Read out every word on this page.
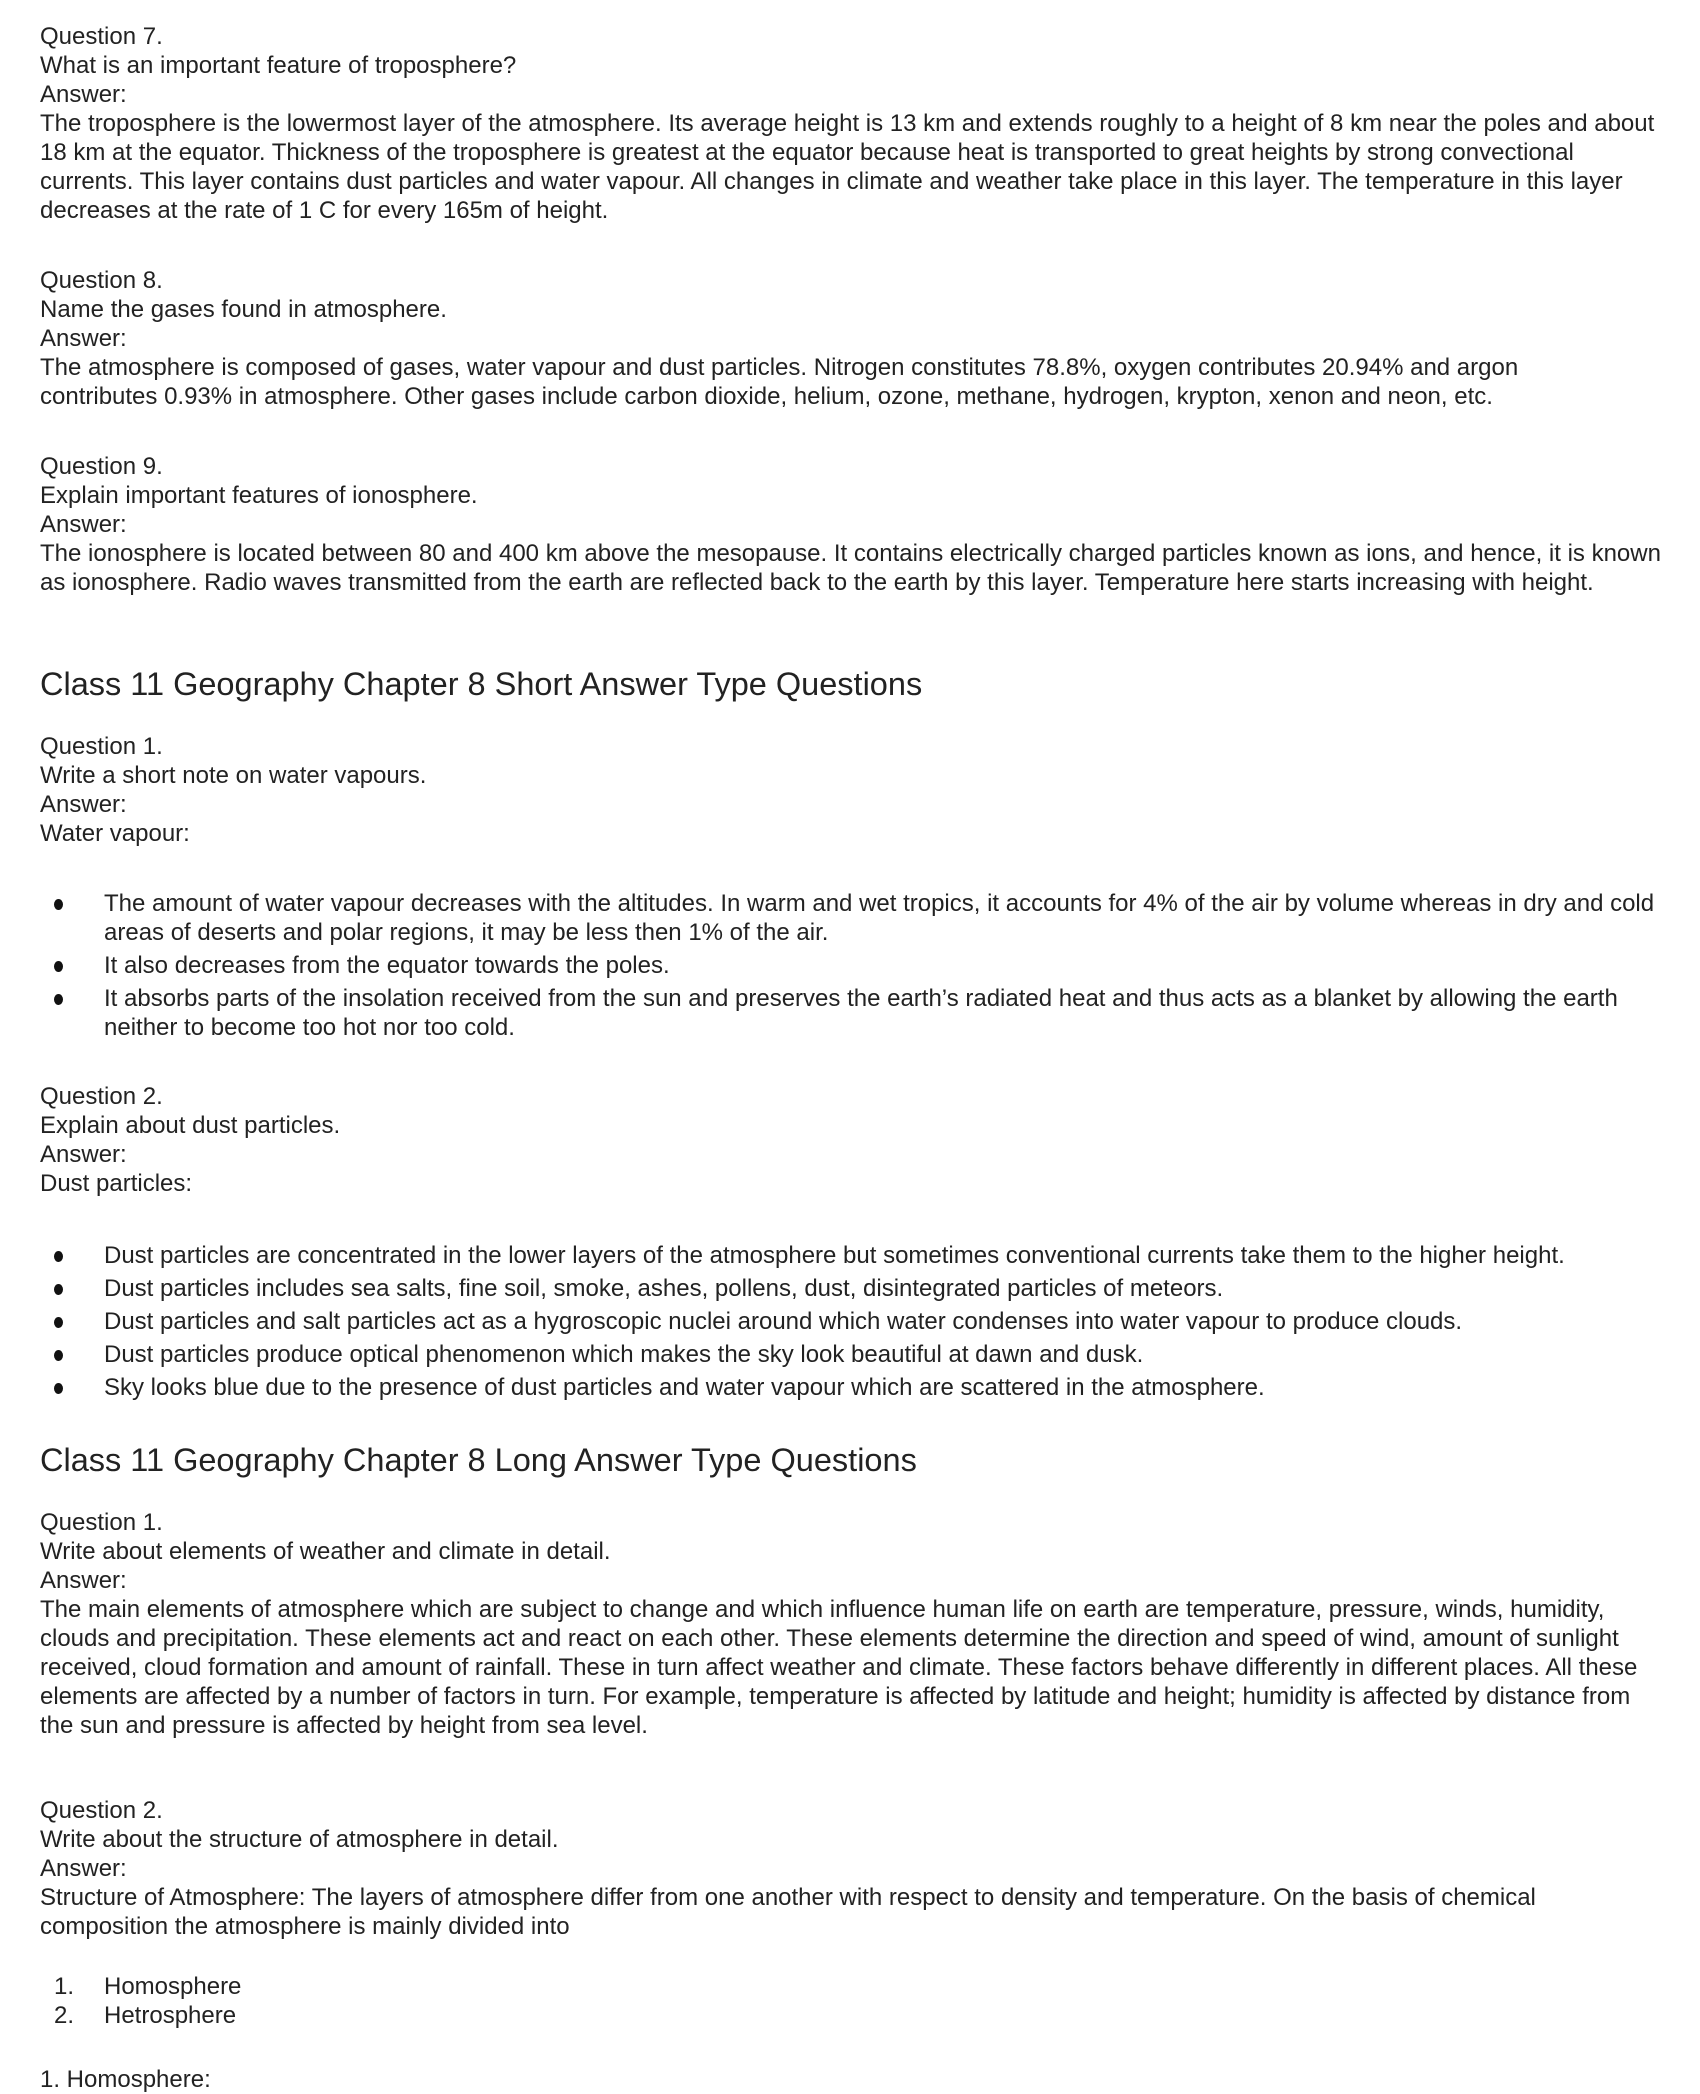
Question 7.
What is an important feature of troposphere?
Answer:
The troposphere is the lowermost layer of the atmosphere. Its average height is 13 km and extends roughly to a height of 8 km near the poles and about 18 km at the equator. Thickness of the troposphere is greatest at the equator because heat is transported to great heights by strong convectional currents. This layer contains dust particles and water vapour. All changes in climate and weather take place in this layer. The temperature in this layer decreases at the rate of 1 C for every 165m of height.
Question 8.
Name the gases found in atmosphere.
Answer:
The atmosphere is composed of gases, water vapour and dust particles. Nitrogen constitutes 78.8%, oxygen contributes 20.94% and argon contributes 0.93% in atmosphere. Other gases include carbon dioxide, helium, ozone, methane, hydrogen, krypton, xenon and neon, etc.
Question 9.
Explain important features of ionosphere.
Answer:
The ionosphere is located between 80 and 400 km above the mesopause. It contains electrically charged particles known as ions, and hence, it is known as ionosphere. Radio waves transmitted from the earth are reflected back to the earth by this layer. Temperature here starts increasing with height.
Class 11 Geography Chapter 8 Short Answer Type Questions
Question 1.
Write a short note on water vapours.
Answer:
Water vapour:
The amount of water vapour decreases with the altitudes. In warm and wet tropics, it accounts for 4% of the air by volume whereas in dry and cold areas of deserts and polar regions, it may be less then 1% of the air.
It also decreases from the equator towards the poles.
It absorbs parts of the insolation received from the sun and preserves the earth’s radiated heat and thus acts as a blanket by allowing the earth neither to become too hot nor too cold.
Question 2.
Explain about dust particles.
Answer:
Dust particles:
Dust particles are concentrated in the lower layers of the atmosphere but sometimes conventional currents take them to the higher height.
Dust particles includes sea salts, fine soil, smoke, ashes, pollens, dust, disintegrated particles of meteors.
Dust particles and salt particles act as a hygroscopic nuclei around which water condenses into water vapour to produce clouds.
Dust particles produce optical phenomenon which makes the sky look beautiful at dawn and dusk.
Sky looks blue due to the presence of dust particles and water vapour which are scattered in the atmosphere.
Class 11 Geography Chapter 8 Long Answer Type Questions
Question 1.
Write about elements of weather and climate in detail.
Answer:
The main elements of atmosphere which are subject to change and which influence human life on earth are temperature, pressure, winds, humidity, clouds and precipitation. These elements act and react on each other. These elements determine the direction and speed of wind, amount of sunlight received, cloud formation and amount of rainfall. These in turn affect weather and climate. These factors behave differently in different places. All these elements are affected by a number of factors in turn. For example, temperature is affected by latitude and height; humidity is affected by distance from the sun and pressure is affected by height from sea level.
Question 2.
Write about the structure of atmosphere in detail.
Answer:
Structure of Atmosphere: The layers of atmosphere differ from one another with respect to density and temperature. On the basis of chemical composition the atmosphere is mainly divided into
1. Homosphere
2. Hetrosphere
1. Homosphere:
